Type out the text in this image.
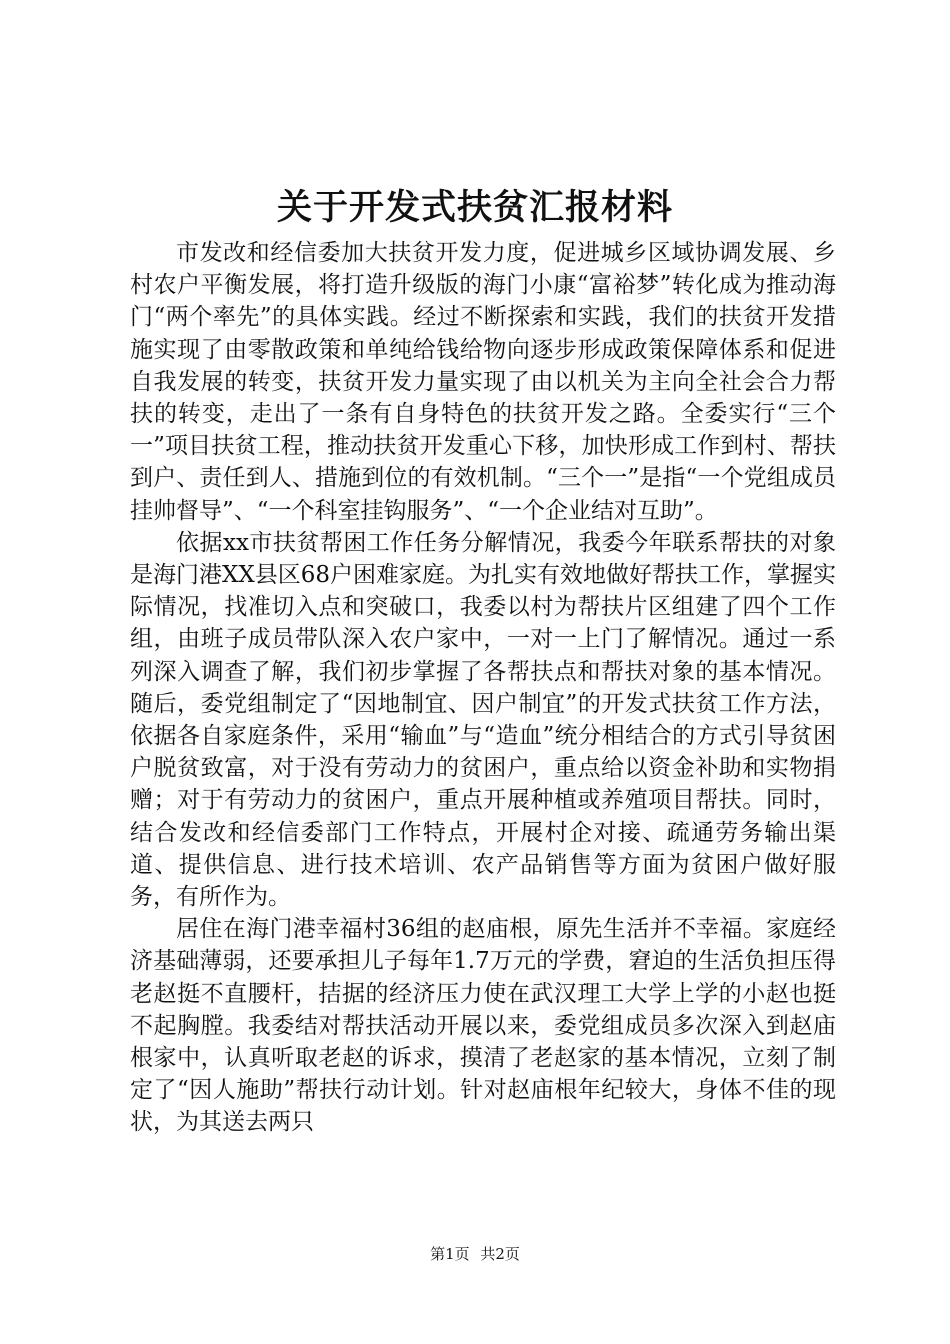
关于开发式扶贫汇报材料

市发改和经信委加大扶贫开发力度，促进城乡区域协调发展、乡村农户平衡发展，将打造升级版的海门小康“富裕梦”转化成为推动海门“两个率先”的具体实践。经过不断探索和实践，我们的扶贫开发措施实现了由零散政策和单纯给钱给物向逐步形成政策保障体系和促进自我发展的转变，扶贫开发力量实现了由以机关为主向全社会合力帮扶的转变，走出了一条有自身特色的扶贫开发之路。全委实行“三个一”项目扶贫工程，推动扶贫开发重心下移，加快形成工作到村、帮扶到户、责任到人、措施到位的有效机制。“三个一”是指“一个党组成员挂帅督导”、“一个科室挂钩服务”、“一个企业结对互助”。

依据xx市扶贫帮困工作任务分解情况，我委今年联系帮扶的对象是海门港XX县区68户困难家庭。为扎实有效地做好帮扶工作，掌握实际情况，找准切入点和突破口，我委以村为帮扶片区组建了四个工作组，由班子成员带队深入农户家中，一对一上门了解情况。通过一系列深入调查了解，我们初步掌握了各帮扶点和帮扶对象的基本情况。随后，委党组制定了“因地制宜、因户制宜”的开发式扶贫工作方法，依据各自家庭条件，采用“输血”与“造血”统分相结合的方式引导贫困户脱贫致富，对于没有劳动力的贫困户，重点给以资金补助和实物捐赠；对于有劳动力的贫困户，重点开展种植或养殖项目帮扶。同时，结合发改和经信委部门工作特点，开展村企对接、疏通劳务输出渠道、提供信息、进行技术培训、农产品销售等方面为贫困户做好服务，有所作为。

居住在海门港幸福村36组的赵庙根，原先生活并不幸福。家庭经济基础薄弱，还要承担儿子每年1.7万元的学费，窘迫的生活负担压得老赵挺不直腰杆，拮据的经济压力使在武汉理工大学上学的小赵也挺不起胸膛。我委结对帮扶活动开展以来，委党组成员多次深入到赵庙根家中，认真听取老赵的诉求，摸清了老赵家的基本情况，立刻了制定了“因人施助”帮扶行动计划。针对赵庙根年纪较大，身体不佳的现状，为其送去两只

第1页 共2页
